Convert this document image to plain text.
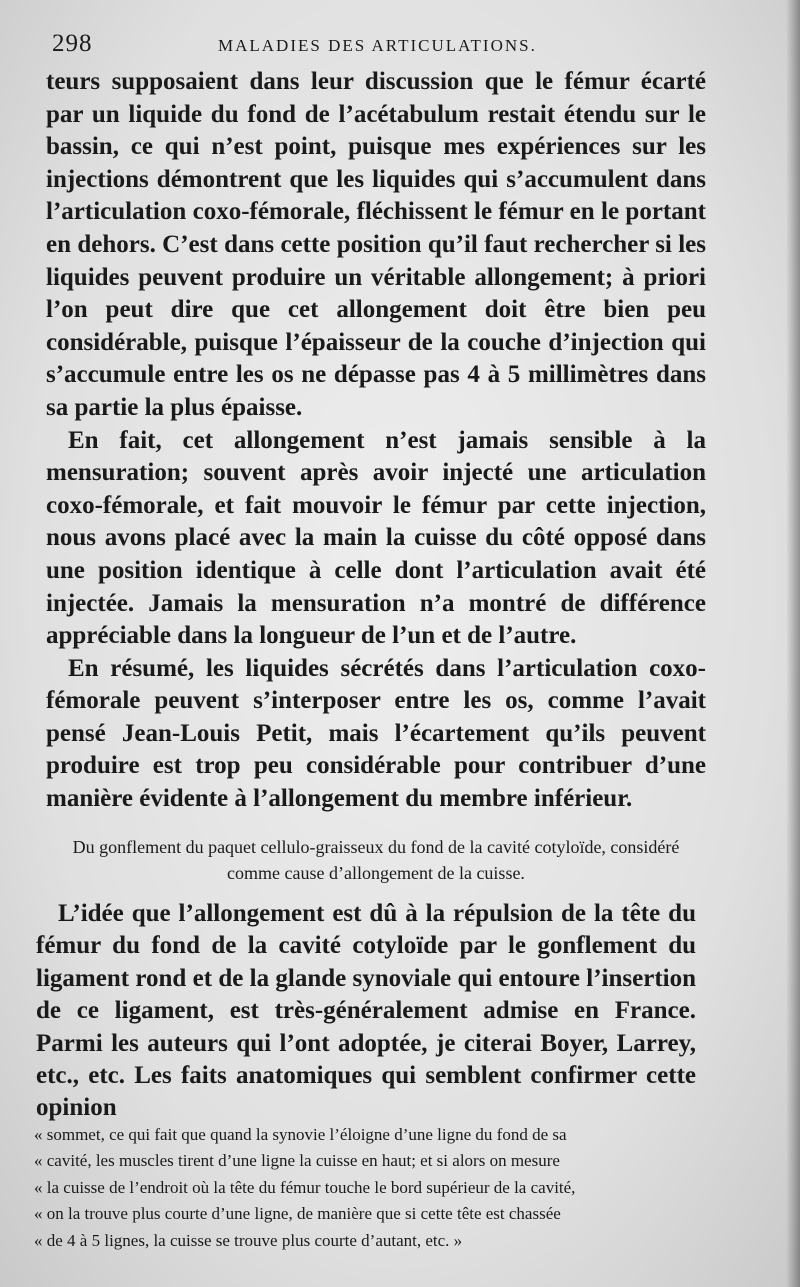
298	MALADIES DES ARTICULATIONS.

teurs supposaient dans leur discussion que le fémur écarté par un liquide du fond de l’acétabulum restait étendu sur le bassin, ce qui n’est point, puisque mes expériences sur les injections démontrent que les liquides qui s’accumulent dans l’articulation coxo-fémorale, fléchissent le fémur en le portant en dehors. C’est dans cette position qu’il faut rechercher si les liquides peuvent produire un véritable allongement; à priori l’on peut dire que cet allongement doit être bien peu considérable, puisque l’épaisseur de la couche d’injection qui s’accumule entre les os ne dépasse pas 4 à 5 millimètres dans sa partie la plus épaisse.

En fait, cet allongement n’est jamais sensible à la mensuration; souvent après avoir injecté une articulation coxo-fémorale, et fait mouvoir le fémur par cette injection, nous avons placé avec la main la cuisse du côté opposé dans une position identique à celle dont l’articulation avait été injectée. Jamais la mensuration n’a montré de différence appréciable dans la longueur de l’un et de l’autre.

En résumé, les liquides sécrétés dans l’articulation coxo-fémorale peuvent s’interposer entre les os, comme l’avait pensé Jean-Louis Petit, mais l’écartement qu’ils peuvent produire est trop peu considérable pour contribuer d’une manière évidente à l’allongement du membre inférieur.

Du gonflement du paquet cellulo-graisseux du fond de la cavité cotyloïde, considéré comme cause d’allongement de la cuisse.

L’idée que l’allongement est dû à la répulsion de la tête du fémur du fond de la cavité cotyloïde par le gonflement du ligament rond et de la glande synoviale qui entoure l’insertion de ce ligament, est très-généralement admise en France. Parmi les auteurs qui l’ont adoptée, je citerai Boyer, Larrey, etc., etc. Les faits anatomiques qui semblent confirmer cette opinion

« sommet, ce qui fait que quand la synovie l’éloigne d’une ligne du fond de sa
« cavité, les muscles tirent d’une ligne la cuisse en haut; et si alors on mesure
« la cuisse de l’endroit où la tête du fémur touche le bord supérieur de la cavité,
« on la trouve plus courte d’une ligne, de manière que si cette tête est chassée
« de 4 à 5 lignes, la cuisse se trouve plus courte d’autant, etc. »
